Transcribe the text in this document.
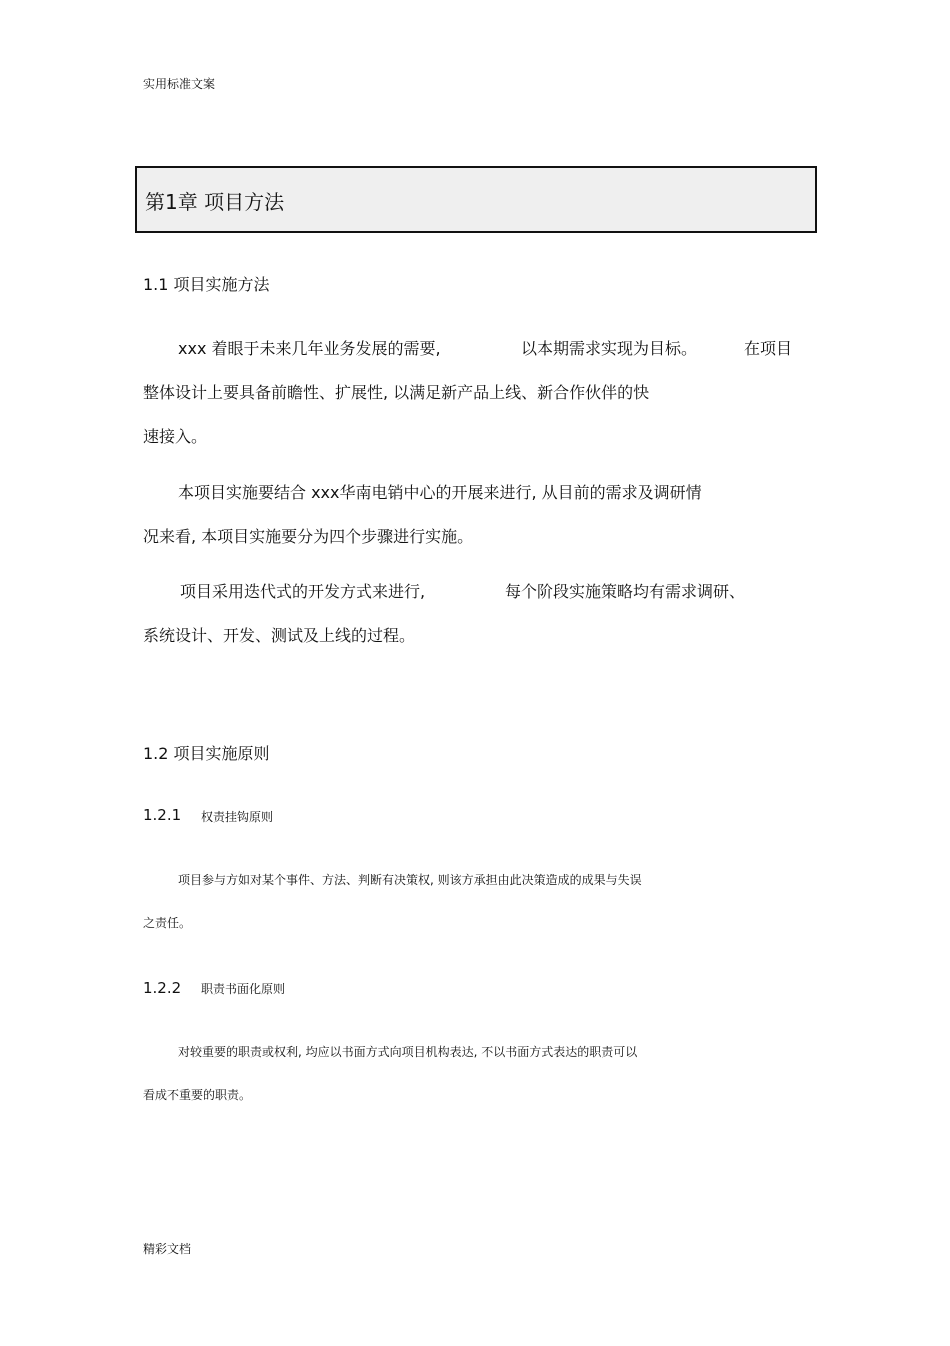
实用标准文案
第1章 项目方法
1.1 项目实施方法
xxx 着眼于未来几年业务发展的需要,	以本期需求实现为目标。	在项目
整体设计上要具备前瞻性、扩展性, 以满足新产品上线、新合作伙伴的快
速接入。
本项目实施要结合 xxx华南电销中心的开展来进行, 从目前的需求及调研情
况来看, 本项目实施要分为四个步骤进行实施。
项目采用迭代式的开发方式来进行,	每个阶段实施策略均有需求调研、
系统设计、开发、测试及上线的过程。
1.2 项目实施原则
1.2.1 权责挂钩原则
项目参与方如对某个事件、方法、判断有决策权, 则该方承担由此决策造成的成果与失误
之责任。
1.2.2 职责书面化原则
对较重要的职责或权利, 均应以书面方式向项目机构表达, 不以书面方式表达的职责可以
看成不重要的职责。
精彩文档
